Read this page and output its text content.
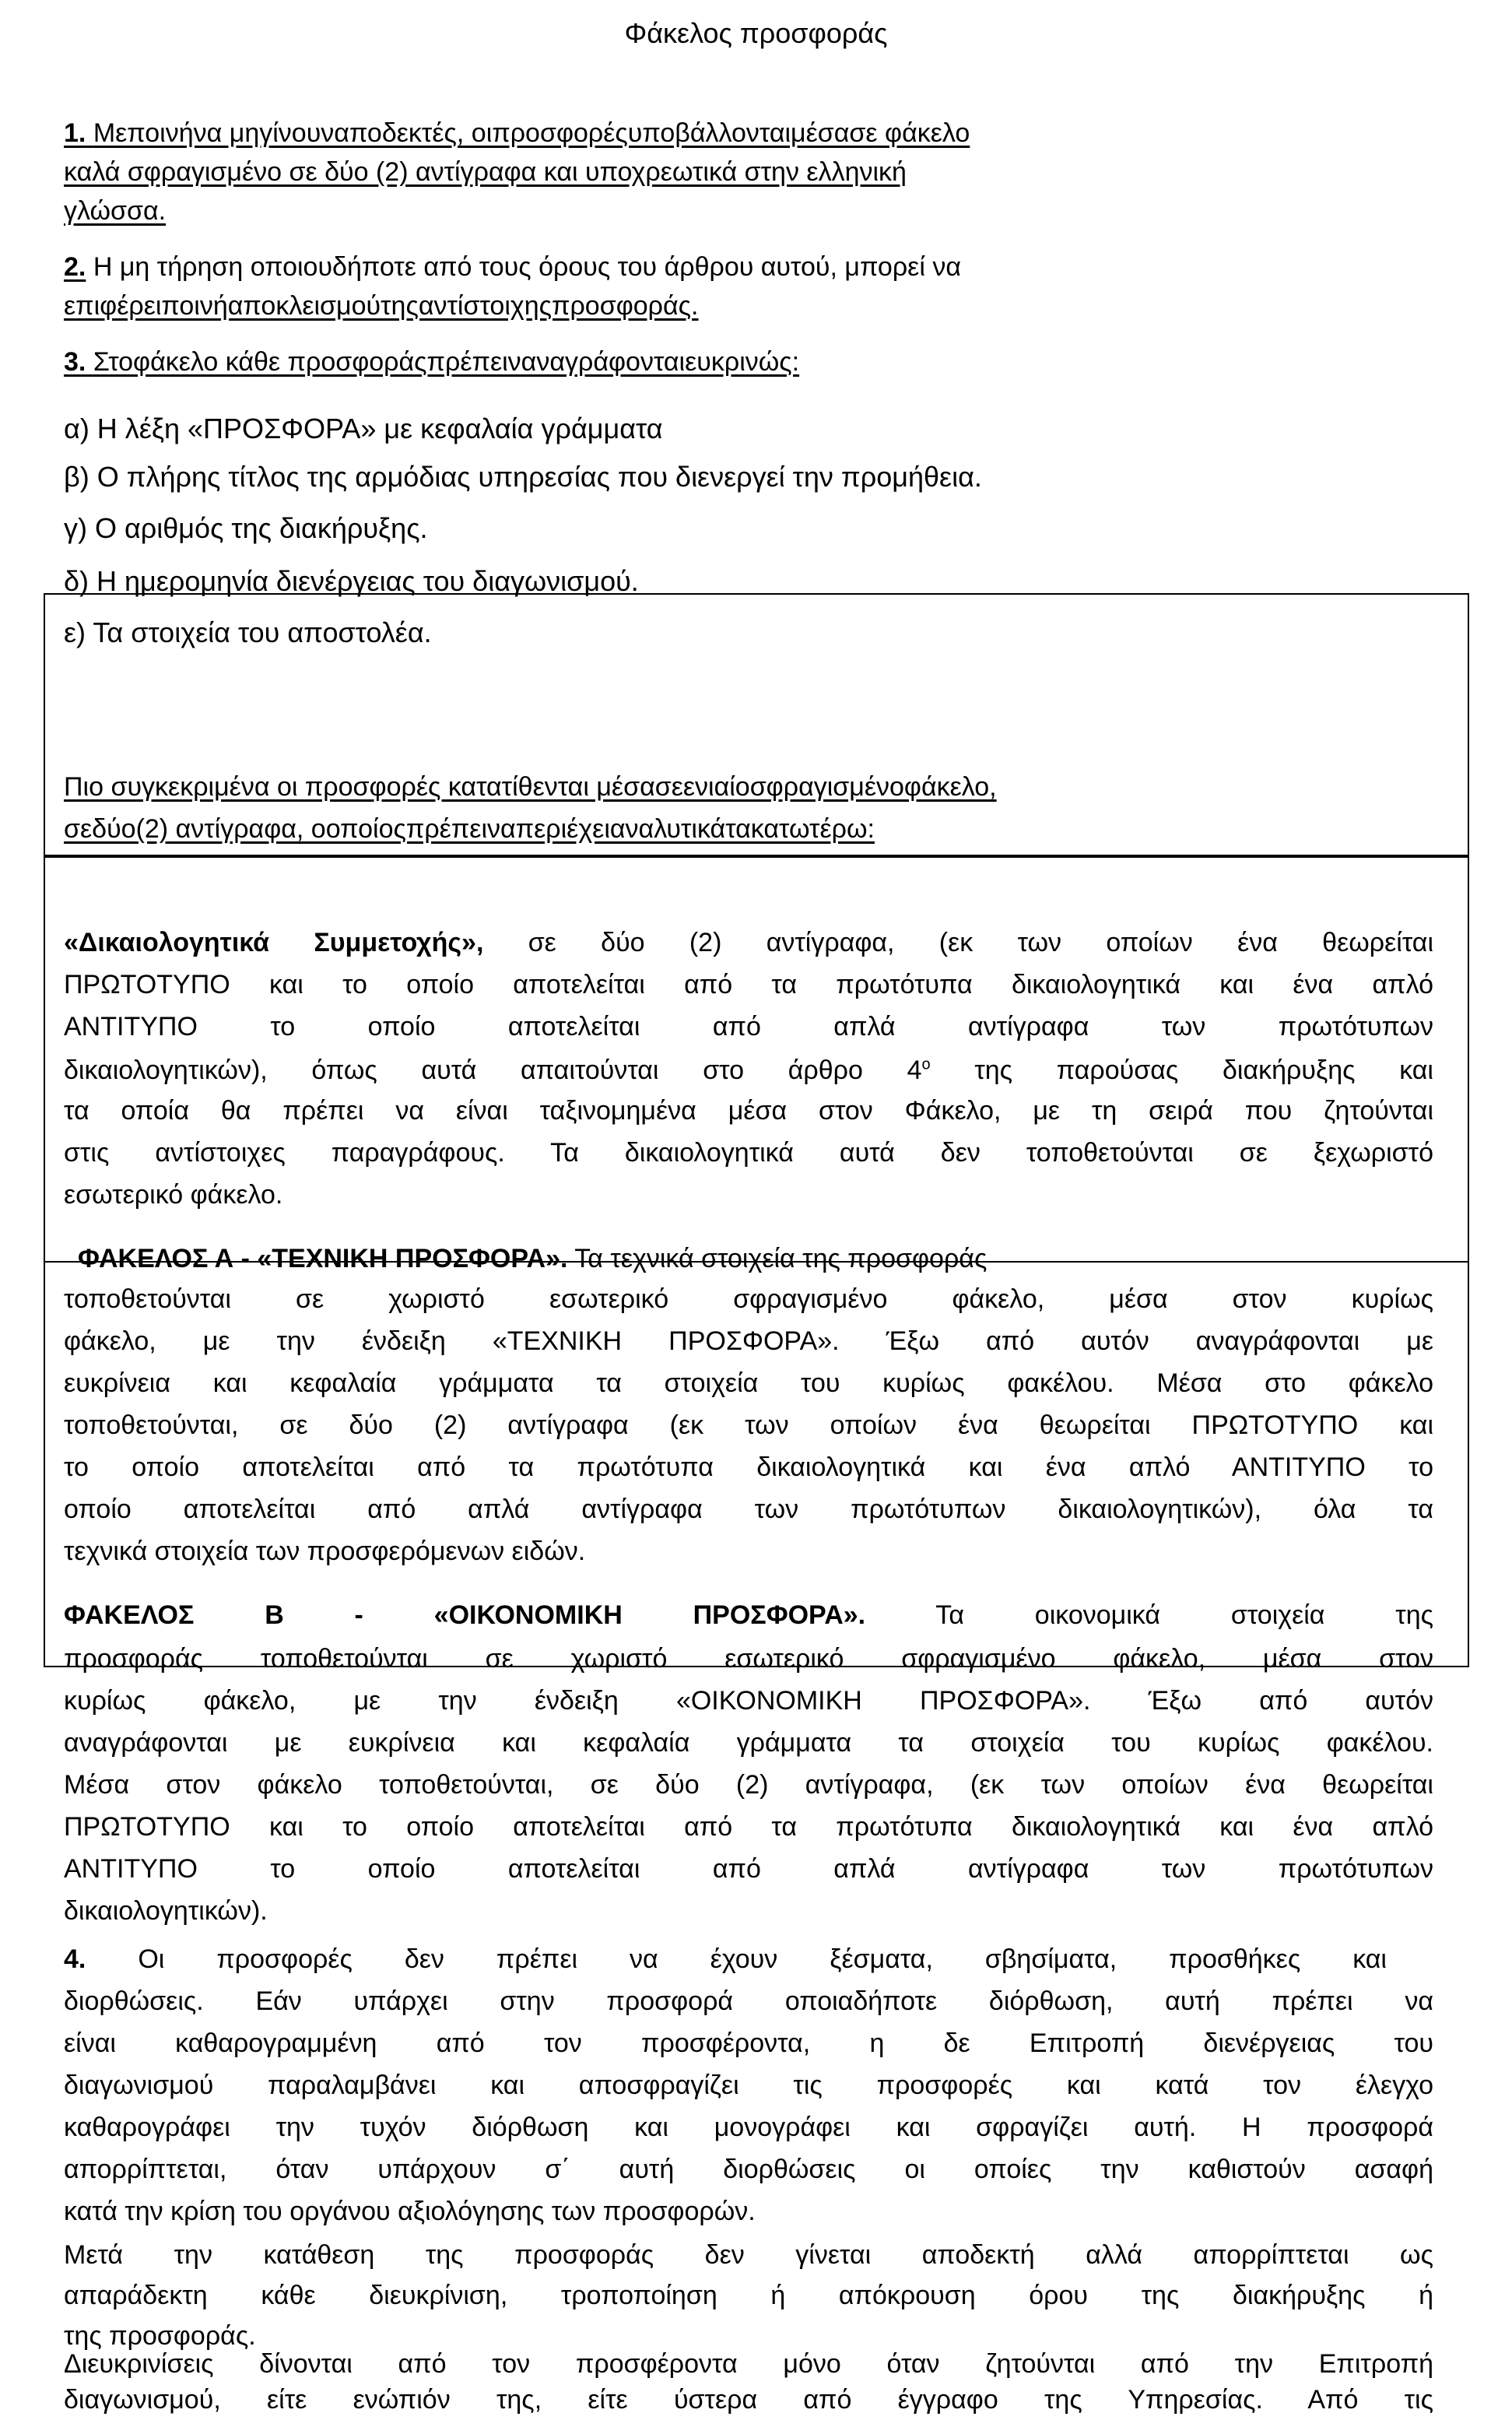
Φάκελος προσφοράς
1. Μεποινήνα μηγίνουναποδεκτές, οιπροσφορέςυποβάλλονταιμέσασε φάκελο
καλά σφραγισμένο σε δύο (2) αντίγραφα και υποχρεωτικά στην ελληνική
γλώσσα.
2. Η μη τήρηση οποιουδήποτε από τους όρους του άρθρου αυτού, μπορεί να
επιφέρειποινήαποκλεισμούτηςαντίστοιχηςπροσφοράς.
3. Στοφάκελο κάθε προσφοράςπρέπειναναγράφονταιευκρινώς:
α) Η λέξη «ΠΡΟΣΦΟΡΑ» με κεφαλαία γράμματα
β) Ο πλήρης τίτλος της αρμόδιας υπηρεσίας που διενεργεί την προμήθεια.
γ) Ο αριθμός της διακήρυξης.
δ) Η ημερομηνία διενέργειας του διαγωνισμού.
ε) Τα στοιχεία του αποστολέα.
Πιο συγκεκριμένα οι προσφορές κατατίθενται μέσασεενιαίοσφραγισμένοφάκελο,
σεδύο(2) αντίγραφα, οοποίοςπρέπειναπεριέχειαναλυτικάτακατωτέρω:
«Δικαιολογητικά Συμμετοχής», σε δύο (2) αντίγραφα, (εκ των οποίων ένα θεωρείται
ΠΡΩΤΟΤΥΠΟ και το οποίο αποτελείται από τα πρωτότυπα δικαιολογητικά και ένα απλό
ΑΝΤΙΤΥΠΟ το οποίο αποτελείται από απλά αντίγραφα των πρωτότυπων
δικαιολογητικών), όπως αυτά απαιτούνται στο άρθρο $4^o$ της παρούσας διακήρυξης και
τα οποία θα πρέπει να είναι ταξινομημένα μέσα στον Φάκελο, με τη σειρά που ζητούνται
στις αντίστοιχες παραγράφους. Τα δικαιολογητικά αυτά δεν τοποθετούνται σε ξεχωριστό
εσωτερικό φάκελο.
ΦΑΚΕΛΟΣ Α - «ΤΕΧΝΙΚΗ ΠΡΟΣΦΟΡΑ». Τα τεχνικά στοιχεία της προσφοράς
τοποθετούνται σε χωριστό εσωτερικό σφραγισμένο φάκελο, μέσα στον κυρίως
φάκελο, με την ένδειξη «ΤΕΧΝΙΚΗ ΠΡΟΣΦΟΡΑ». Έξω από αυτόν αναγράφονται με
ευκρίνεια και κεφαλαία γράμματα τα στοιχεία του κυρίως φακέλου. Μέσα στο φάκελο
τοποθετούνται, σε δύο (2) αντίγραφα (εκ των οποίων ένα θεωρείται ΠΡΩΤΟΤΥΠΟ και
το οποίο αποτελείται από τα πρωτότυπα δικαιολογητικά και ένα απλό ΑΝΤΙΤΥΠΟ το
οποίο αποτελείται από απλά αντίγραφα των πρωτότυπων δικαιολογητικών), όλα τα
τεχνικά στοιχεία των προσφερόμενων ειδών.
ΦΑΚΕΛΟΣ Β - «ΟΙΚΟΝΟΜΙΚΗ ΠΡΟΣΦΟΡΑ». Τα οικονομικά στοιχεία της
προσφοράς τοποθετούνται σε χωριστό εσωτερικό σφραγισμένο φάκελο, μέσα στον
κυρίως φάκελο, με την ένδειξη «ΟΙΚΟΝΟΜΙΚΗ ΠΡΟΣΦΟΡΑ». Έξω από αυτόν
αναγράφονται με ευκρίνεια και κεφαλαία γράμματα τα στοιχεία του κυρίως φακέλου.
Μέσα στον φάκελο τοποθετούνται, σε δύο (2) αντίγραφα, (εκ των οποίων ένα θεωρείται
ΠΡΩΤΟΤΥΠΟ και το οποίο αποτελείται από τα πρωτότυπα δικαιολογητικά και ένα απλό
ΑΝΤΙΤΥΠΟ το οποίο αποτελείται από απλά αντίγραφα των πρωτότυπων
δικαιολογητικών).
4. Οι προσφορές δεν πρέπει να έχουν ξέσματα, σβησίματα, προσθήκες και
διορθώσεις. Εάν υπάρχει στην προσφορά οποιαδήποτε διόρθωση, αυτή πρέπει να
είναι καθαρογραμμένη από τον προσφέροντα, η δε Επιτροπή διενέργειας του
διαγωνισμού παραλαμβάνει και αποσφραγίζει τις προσφορές και κατά τον έλεγχο
καθαρογράφει την τυχόν διόρθωση και μονογράφει και σφραγίζει αυτή. Η προσφορά
απορρίπτεται, όταν υπάρχουν σ΄ αυτή διορθώσεις οι οποίες την καθιστούν ασαφή
κατά την κρίση του οργάνου αξιολόγησης των προσφορών.
Μετά την κατάθεση της προσφοράς δεν γίνεται αποδεκτή αλλά απορρίπτεται ως
απαράδεκτη κάθε διευκρίνιση, τροποποίηση ή απόκρουση όρου της διακήρυξης ή
της προσφοράς.
Διευκρινίσεις δίνονται από τον προσφέροντα μόνο όταν ζητούνται από την Επιτροπή
διαγωνισμού, είτε ενώπιόν της, είτε ύστερα από έγγραφο της Υπηρεσίας. Από τις
